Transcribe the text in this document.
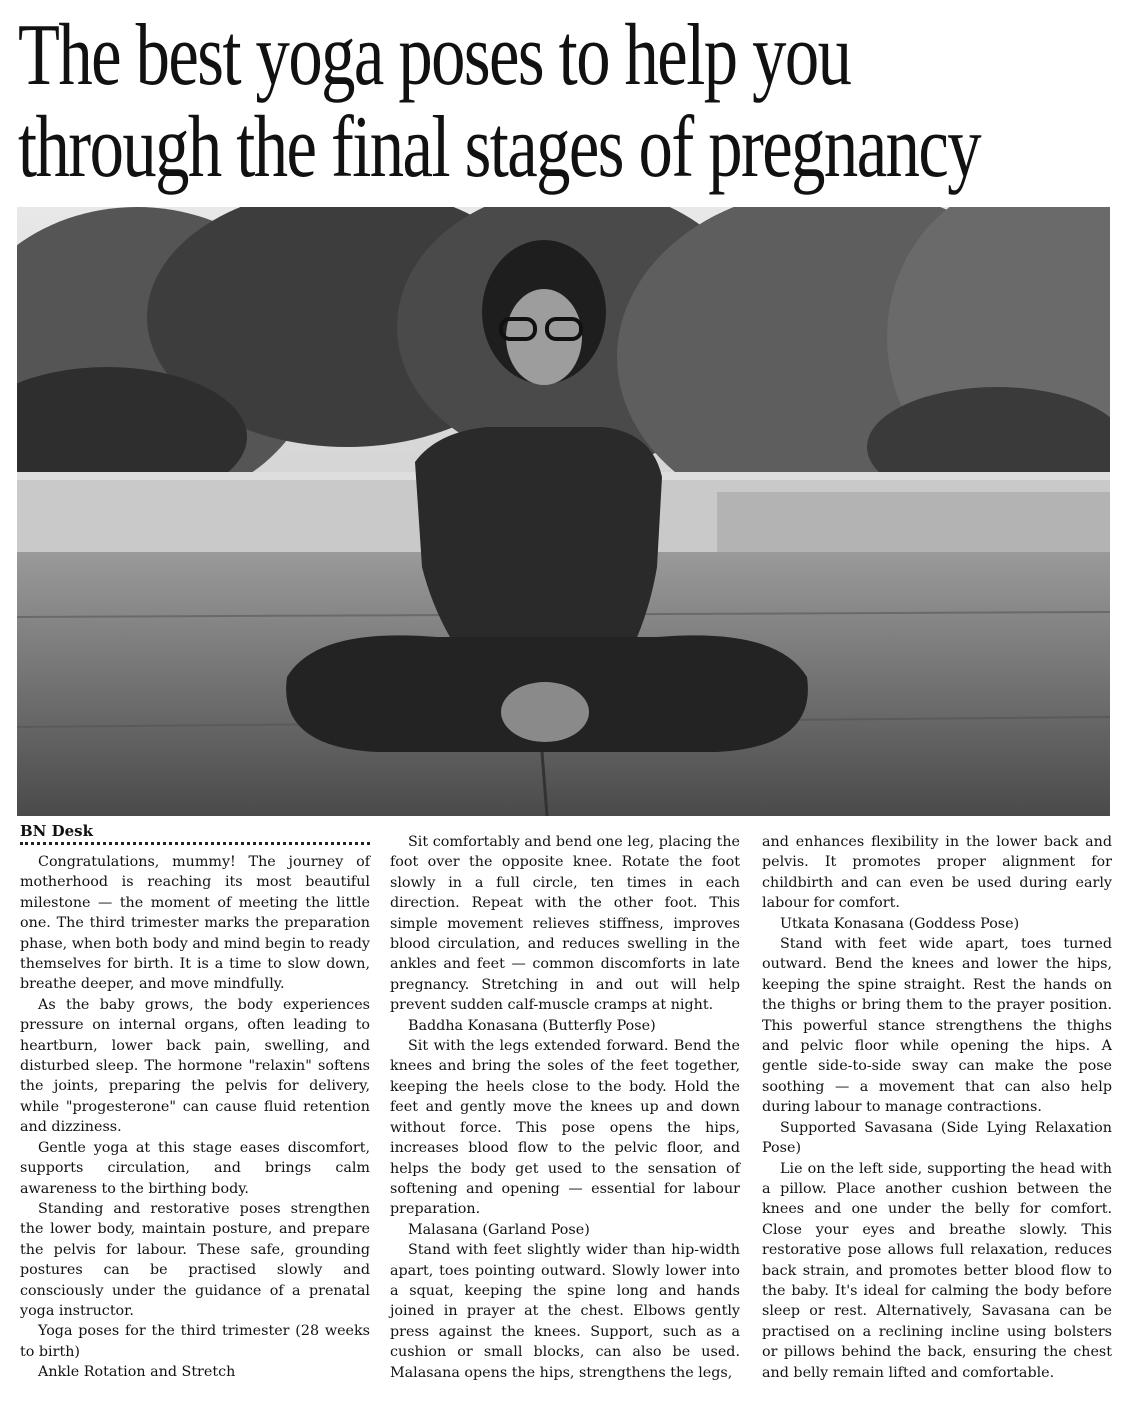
The best yoga poses to help you
through the final stages of pregnancy
BN Desk

Congratulations, mummy! The journey of motherhood is reaching its most beautiful milestone — the moment of meeting the little one. The third trimester marks the preparation phase, when both body and mind begin to ready themselves for birth. It is a time to slow down, breathe deeper, and move mindfully.

As the baby grows, the body experiences pressure on internal organs, often leading to heartburn, lower back pain, swelling, and disturbed sleep. The hormone "relaxin" softens the joints, preparing the pelvis for delivery, while "progesterone" can cause fluid retention and dizziness.

Gentle yoga at this stage eases discomfort, supports circulation, and brings calm awareness to the birthing body.

Standing and restorative poses strengthen the lower body, maintain posture, and prepare the pelvis for labour. These safe, grounding postures can be practised slowly and consciously under the guidance of a prenatal yoga instructor.

Yoga poses for the third trimester (28 weeks to birth)

Ankle Rotation and Stretch

Sit comfortably and bend one leg, placing the foot over the opposite knee. Rotate the foot slowly in a full circle, ten times in each direction. Repeat with the other foot. This simple movement relieves stiffness, improves blood circulation, and reduces swelling in the ankles and feet — common discomforts in late pregnancy. Stretching in and out will help prevent sudden calf-muscle cramps at night.

Baddha Konasana (Butterfly Pose)

Sit with the legs extended forward. Bend the knees and bring the soles of the feet together, keeping the heels close to the body. Hold the feet and gently move the knees up and down without force. This pose opens the hips, increases blood flow to the pelvic floor, and helps the body get used to the sensation of softening and opening — essential for labour preparation.

Malasana (Garland Pose)

Stand with feet slightly wider than hip-width apart, toes pointing outward. Slowly lower into a squat, keeping the spine long and hands joined in prayer at the chest. Elbows gently press against the knees. Support, such as a cushion or small blocks, can also be used. Malasana opens the hips, strengthens the legs,

and enhances flexibility in the lower back and pelvis. It promotes proper alignment for childbirth and can even be used during early labour for comfort.

Utkata Konasana (Goddess Pose)

Stand with feet wide apart, toes turned outward. Bend the knees and lower the hips, keeping the spine straight. Rest the hands on the thighs or bring them to the prayer position. This powerful stance strengthens the thighs and pelvic floor while opening the hips. A gentle side-to-side sway can make the pose soothing — a movement that can also help during labour to manage contractions.

Supported Savasana (Side Lying Relaxation Pose)

Lie on the left side, supporting the head with a pillow. Place another cushion between the knees and one under the belly for comfort. Close your eyes and breathe slowly. This restorative pose allows full relaxation, reduces back strain, and promotes better blood flow to the baby. It's ideal for calming the body before sleep or rest. Alternatively, Savasana can be practised on a reclining incline using bolsters or pillows behind the back, ensuring the chest and belly remain lifted and comfortable.
